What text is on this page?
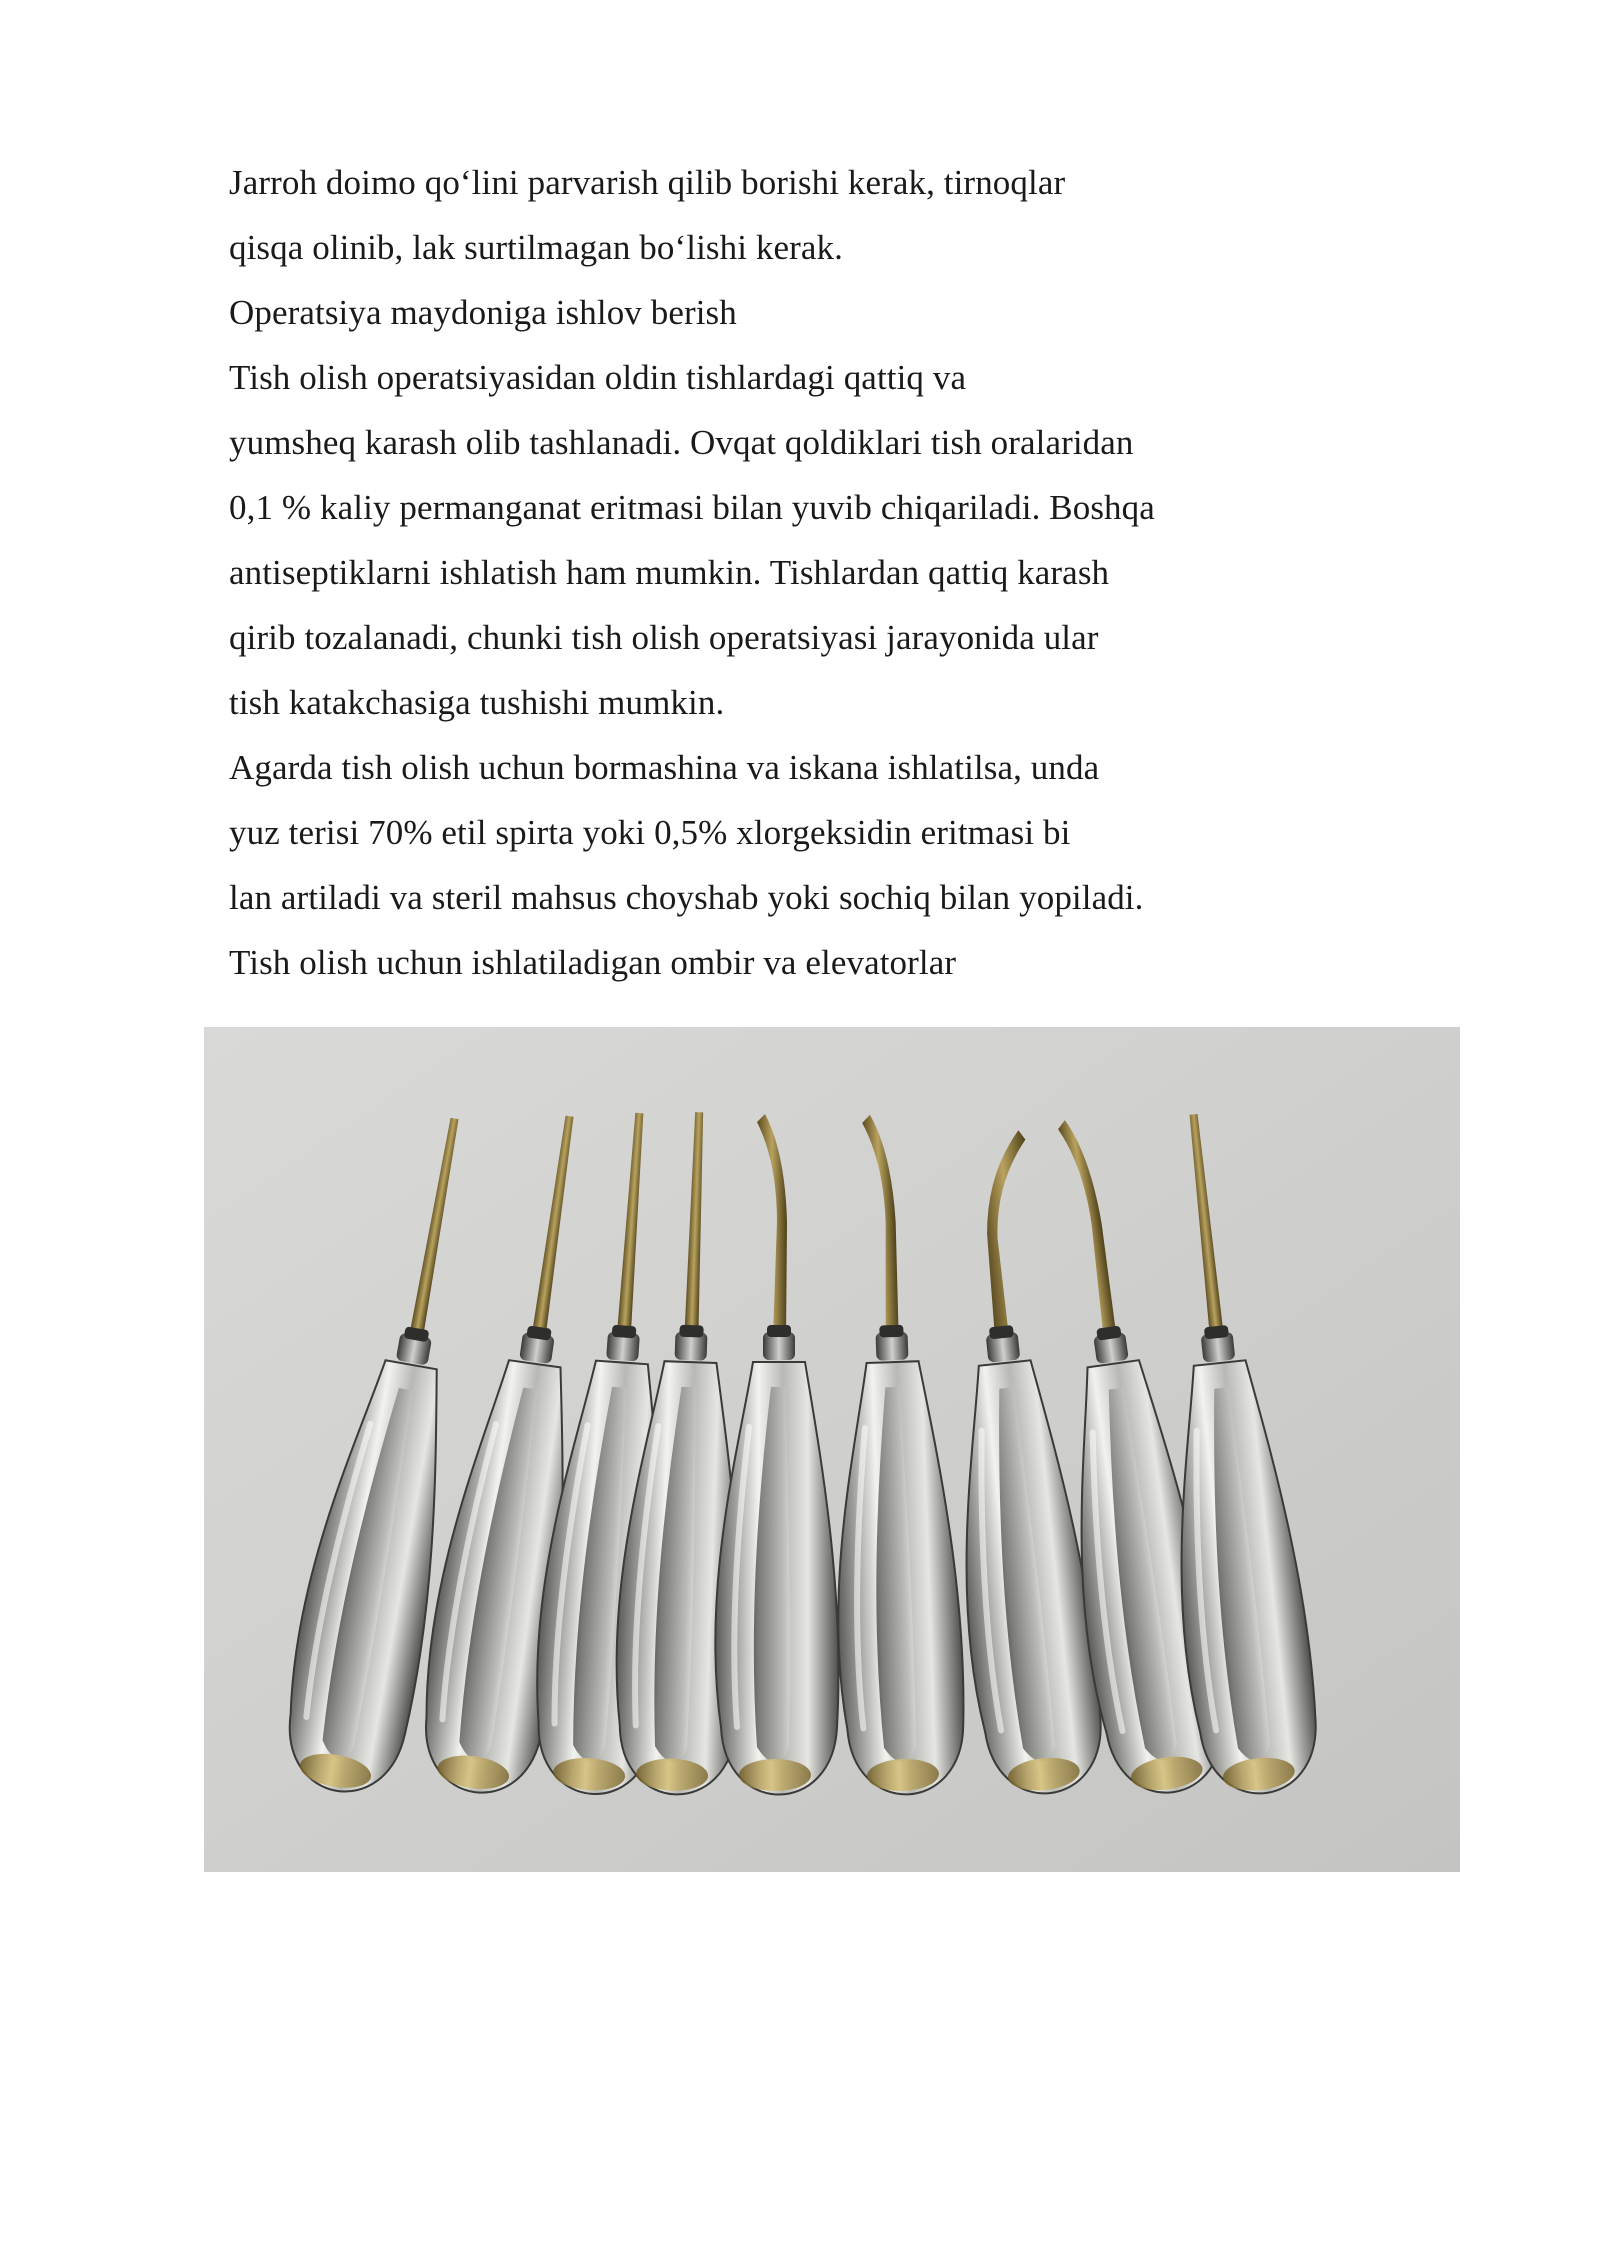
Jarroh doimo qo‘lini parvarish qilib borishi kerak, tirnoqlar
qisqa olinib, lak surtilmagan bo‘lishi kerak.
Operatsiya maydoniga ishlov berish
Tish olish operatsiyasidan oldin tishlardagi qattiq va
yumsheq karash olib tashlanadi. Ovqat qoldiklari tish oralaridan
0,1 % kaliy permanganat eritmasi bilan yuvib chiqariladi. Boshqa
antiseptiklarni ishlatish ham mumkin. Tishlardan qattiq karash
qirib tozalanadi, chunki tish olish operatsiyasi jarayonida ular
tish katakchasiga tushishi mumkin.
Agarda tish olish uchun bormashina va iskana ishlatilsa, unda
yuz terisi 70% etil spirta yoki 0,5% xlorgeksidin eritmasi bi
lan artiladi va steril mahsus choyshab yoki sochiq bilan yopiladi.
Tish olish uchun ishlatiladigan ombir va elevatorlar
